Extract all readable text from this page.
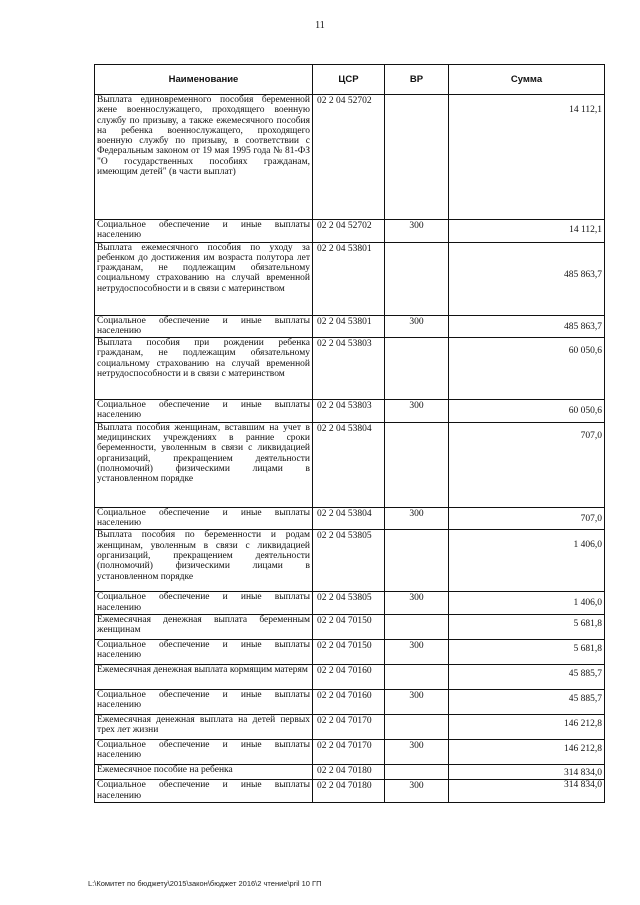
11
Наименование	ЦСР	ВР	Сумма
Выплата единовременного пособия беременной жене военнослужащего, проходящего военную службу по призыву, а также ежемесячного пособия на ребенка военнослужащего, проходящего военную службу по призыву, в соответствии с Федеральным законом от 19 мая 1995 года № 81-ФЗ "О государственных пособиях гражданам, имеющим детей" (в части выплат)	02 2 04 52702		14 112,1
Социальное обеспечение и иные выплаты населению	02 2 04 52702	300	14 112,1
Выплата ежемесячного пособия по уходу за ребенком до достижения им возраста полутора лет гражданам, не подлежащим обязательному социальному страхованию на случай временной нетрудоспособности и в связи с материнством	02 2 04 53801		485 863,7
Социальное обеспечение и иные выплаты населению	02 2 04 53801	300	485 863,7
Выплата пособия при рождении ребенка гражданам, не подлежащим обязательному социальному страхованию на случай временной нетрудоспособности и в связи с материнством	02 2 04 53803		60 050,6
Социальное обеспечение и иные выплаты населению	02 2 04 53803	300	60 050,6
Выплата пособия женщинам, вставшим на учет в медицинских учреждениях в ранние сроки беременности, уволенным в связи с ликвидацией организаций, прекращением деятельности (полномочий) физическими лицами в установленном порядке	02 2 04 53804		707,0
Социальное обеспечение и иные выплаты населению	02 2 04 53804	300	707,0
Выплата пособия по беременности и родам женщинам, уволенным в связи с ликвидацией организаций, прекращением деятельности (полномочий) физическими лицами в установленном порядке	02 2 04 53805		1 406,0
Социальное обеспечение и иные выплаты населению	02 2 04 53805	300	1 406,0
Ежемесячная денежная выплата беременным женщинам	02 2 04 70150		5 681,8
Социальное обеспечение и иные выплаты населению	02 2 04 70150	300	5 681,8
Ежемесячная денежная выплата кормящим матерям	02 2 04 70160		45 885,7
Социальное обеспечение и иные выплаты населению	02 2 04 70160	300	45 885,7
Ежемесячная денежная выплата на детей первых трех лет жизни	02 2 04 70170		146 212,8
Социальное обеспечение и иные выплаты населению	02 2 04 70170	300	146 212,8
Ежемесячное пособие на ребенка	02 2 04 70180		314 834,0
Социальное обеспечение и иные выплаты населению	02 2 04 70180	300	314 834,0
L:\Комитет по бюджету\2015\закон\бюджет 2016\2 чтение\pril 10 ГП
